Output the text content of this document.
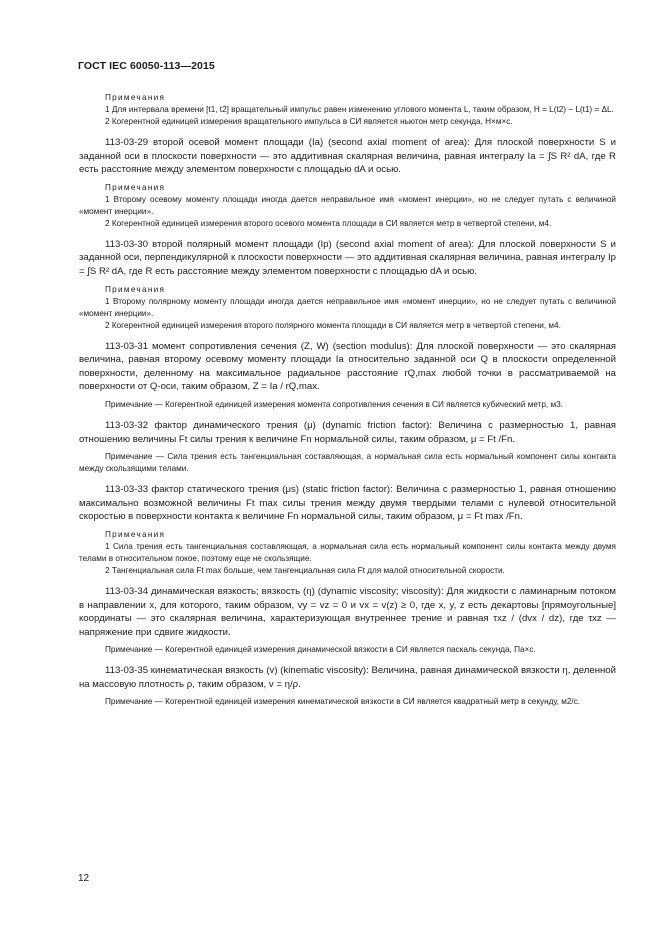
ГОСТ IEC 60050-113—2015
Примечания
1 Для интервала времени [t1, t2] вращательный импульс равен изменению углового момента L, таким образом, H = L(t2) − L(t1) = ΔL.
2 Когерентной единицей измерения вращательного импульса в СИ является ньютон метр секунда, Н×м×с.
113-03-29 второй осевой момент площади (Ia) (second axial moment of area): Для плоской поверхности S и заданной оси в плоскости поверхности — это аддитивная скалярная величина, равная интегралу Ia = ∫S R² dA, где R есть расстояние между элементом поверхности с площадью dA и осью.
Примечания
1 Второму осевому моменту площади иногда дается неправильное имя «момент инерции», но не следует путать с величиной «момент инерции».
2 Когерентной единицей измерения второго осевого момента площади в СИ является метр в четвертой степени, м4.
113-03-30 второй полярный момент площади (Ip) (second axial moment of area): Для плоской поверхности S и заданной оси, перпендикулярной к плоскости поверхности — это аддитивная скалярная величина, равная интегралу Ip = ∫S R² dA, где R есть расстояние между элементом поверхности с площадью dA и осью.
Примечания
1 Второму полярному моменту площади иногда дается неправильное имя «момент инерции», но не следует путать с величиной «момент инерции».
2 Когерентной единицей измерения второго полярного момента площади в СИ является метр в четвертой степени, м4.
113-03-31 момент сопротивления сечения (Z, W) (section modulus): Для плоской поверхности — это скалярная величина, равная второму осевому моменту площади Ia относительно заданной оси Q в плоскости определенной поверхности, деленному на максимальное радиальное расстояние rQ,max любой точки в рассматриваемой на поверхности от Q-оси, таким образом, Z = Ia / rQ,max.
Примечание — Когерентной единицей измерения момента сопротивления сечения в СИ является кубический метр, м3.
113-03-32 фактор динамического трения (μ) (dynamic friction factor): Величина с размерностью 1, равная отношению величины Ft силы трения к величине Fn нормальной силы, таким образом, μ = Ft /Fn.
Примечание — Сила трения есть тангенциальная составляющая, а нормальная сила есть нормальный компонент силы контакта между скользящими телами.
113-03-33 фактор статического трения (μs) (static friction factor): Величина с размерностью 1, равная отношению максимально возможной величины Ft max силы трения между двумя твердыми телами с нулевой относительной скоростью в поверхности контакта к величине Fn нормальной силы, таким образом, μ = Ft max /Fn.
Примечания
1 Сила трения есть тангенциальная составляющая, а нормальная сила есть нормальный компонент силы контакта между двумя телами в относительном покое, поэтому еще не скользящие.
2 Тангенциальная сила Ft max больше, чем тангенциальная сила Ft для малой относительной скорости.
113-03-34 динамическая вязкость; вязкость (η) (dynamic viscosity; viscosity): Для жидкости с ламинарным потоком в направлении x, для которого, таким образом, vy = vz = 0 и vx = v(z) ≥ 0, где x, y, z есть декартовы [прямоугольные] координаты — это скалярная величина, характеризующая внутреннее трение и равная τxz / (dvx / dz), где τxz — напряжение при сдвиге жидкости.
Примечание — Когерентной единицей измерения динамической вязкости в СИ является паскаль секунда, Па×с.
113-03-35 кинематическая вязкость (v) (kinematic viscosity): Величина, равная динамической вязкости η, деленной на массовую плотность ρ, таким образом, v = η/ρ.
Примечание — Когерентной единицей измерения кинематической вязкости в СИ является квадратный метр в секунду, м2/с.
12
